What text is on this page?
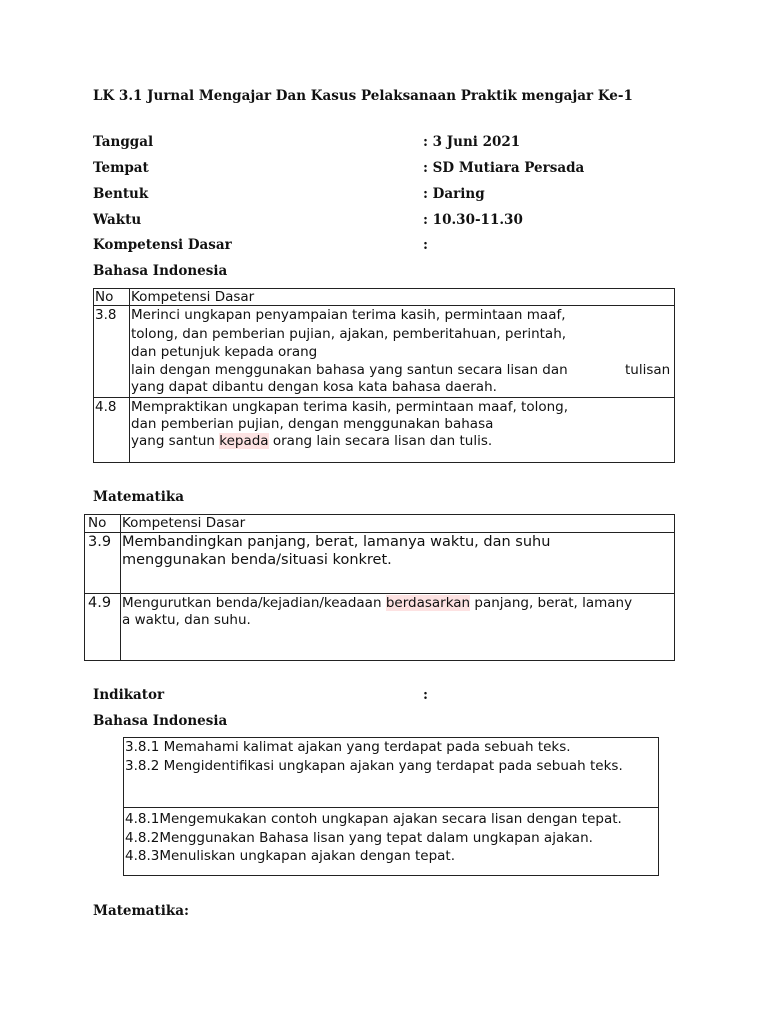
LK 3.1 Jurnal Mengajar Dan Kasus Pelaksanaan Praktik mengajar Ke-1
Tanggal	: 3 Juni 2021
Tempat	: SD Mutiara Persada
Bentuk	: Daring
Waktu	: 10.30-11.30
Kompetensi Dasar	:
Bahasa Indonesia
No Kompetensi Dasar
3.8 Merinci ungkapan penyampaian terima kasih, permintaan maaf,
tolong, dan pemberian pujian, ajakan, pemberitahuan, perintah,
dan petunjuk kepada orang
lain dengan menggunakan bahasa yang santun secara lisan dan	tulisan
yang dapat dibantu dengan kosa kata bahasa daerah.
4.8 Mempraktikan ungkapan terima kasih, permintaan maaf, tolong,
dan pemberian pujian, dengan menggunakan bahasa
yang santun kepada orang lain secara lisan dan tulis.
Matematika
No Kompetensi Dasar
3.9 Membandingkan panjang, berat, lamanya waktu, dan suhu
menggunakan benda/situasi konkret.
4.9 Mengurutkan benda/kejadian/keadaan berdasarkan panjang, berat, lamany
a waktu, dan suhu.
Indikator	:
Bahasa Indonesia
3.8.1 Memahami kalimat ajakan yang terdapat pada sebuah teks.
3.8.2 Mengidentifikasi ungkapan ajakan yang terdapat pada sebuah teks.
4.8.1Mengemukakan contoh ungkapan ajakan secara lisan dengan tepat.
4.8.2Menggunakan Bahasa lisan yang tepat dalam ungkapan ajakan.
4.8.3Menuliskan ungkapan ajakan dengan tepat.
Matematika:
